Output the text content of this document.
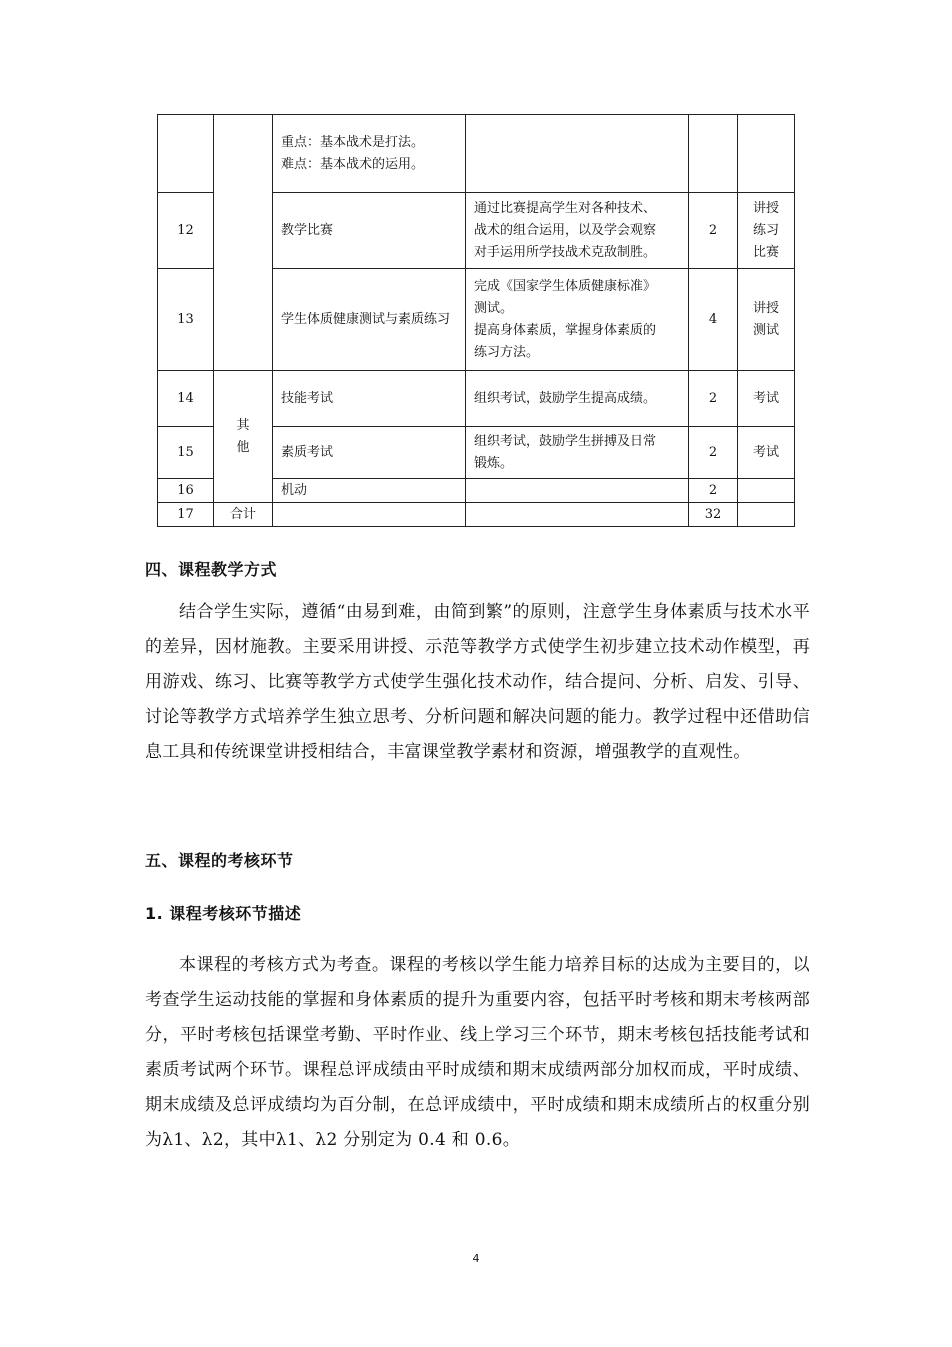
		重点：基本战术是打法。
难点：基本战术的运用。			

12		教学比赛	通过比赛提高学生对各种技术、
战术的组合运用，以及学会观察
对手运用所学技战术克敌制胜。	2	讲授
练习
比赛

13		学生体质健康测试与素质练习	完成《国家学生体质健康标准》
测试。
提高身体素质，掌握身体素质的
练习方法。	4	讲授
测试

14	其
他	技能考试	组织考试，鼓励学生提高成绩。	2	考试
15		素质考试	组织考试，鼓励学生拼搏及日常
锻炼。	2	考试
16		机动		2	
17	合计			32	
四、课程教学方式

结合学生实际，遵循“由易到难，由简到繁”的原则，注意学生身体素质与技术水平的差异，因材施教。主要采用讲授、示范等教学方式使学生初步建立技术动作模型，再用游戏、练习、比赛等教学方式使学生强化技术动作，结合提问、分析、启发、引导、讨论等教学方式培养学生独立思考、分析问题和解决问题的能力。教学过程中还借助信息工具和传统课堂讲授相结合，丰富课堂教学素材和资源，增强教学的直观性。

五、课程的考核环节
1. 课程考核环节描述

本课程的考核方式为考查。课程的考核以学生能力培养目标的达成为主要目的，以考查学生运动技能的掌握和身体素质的提升为重要内容，包括平时考核和期末考核两部分，平时考核包括课堂考勤、平时作业、线上学习三个环节，期末考核包括技能考试和素质考试两个环节。课程总评成绩由平时成绩和期末成绩两部分加权而成，平时成绩、期末成绩及总评成绩均为百分制，在总评成绩中，平时成绩和期末成绩所占的权重分别为λ1、λ2，其中λ1、λ2 分别定为 0.4 和 0.6。

4
